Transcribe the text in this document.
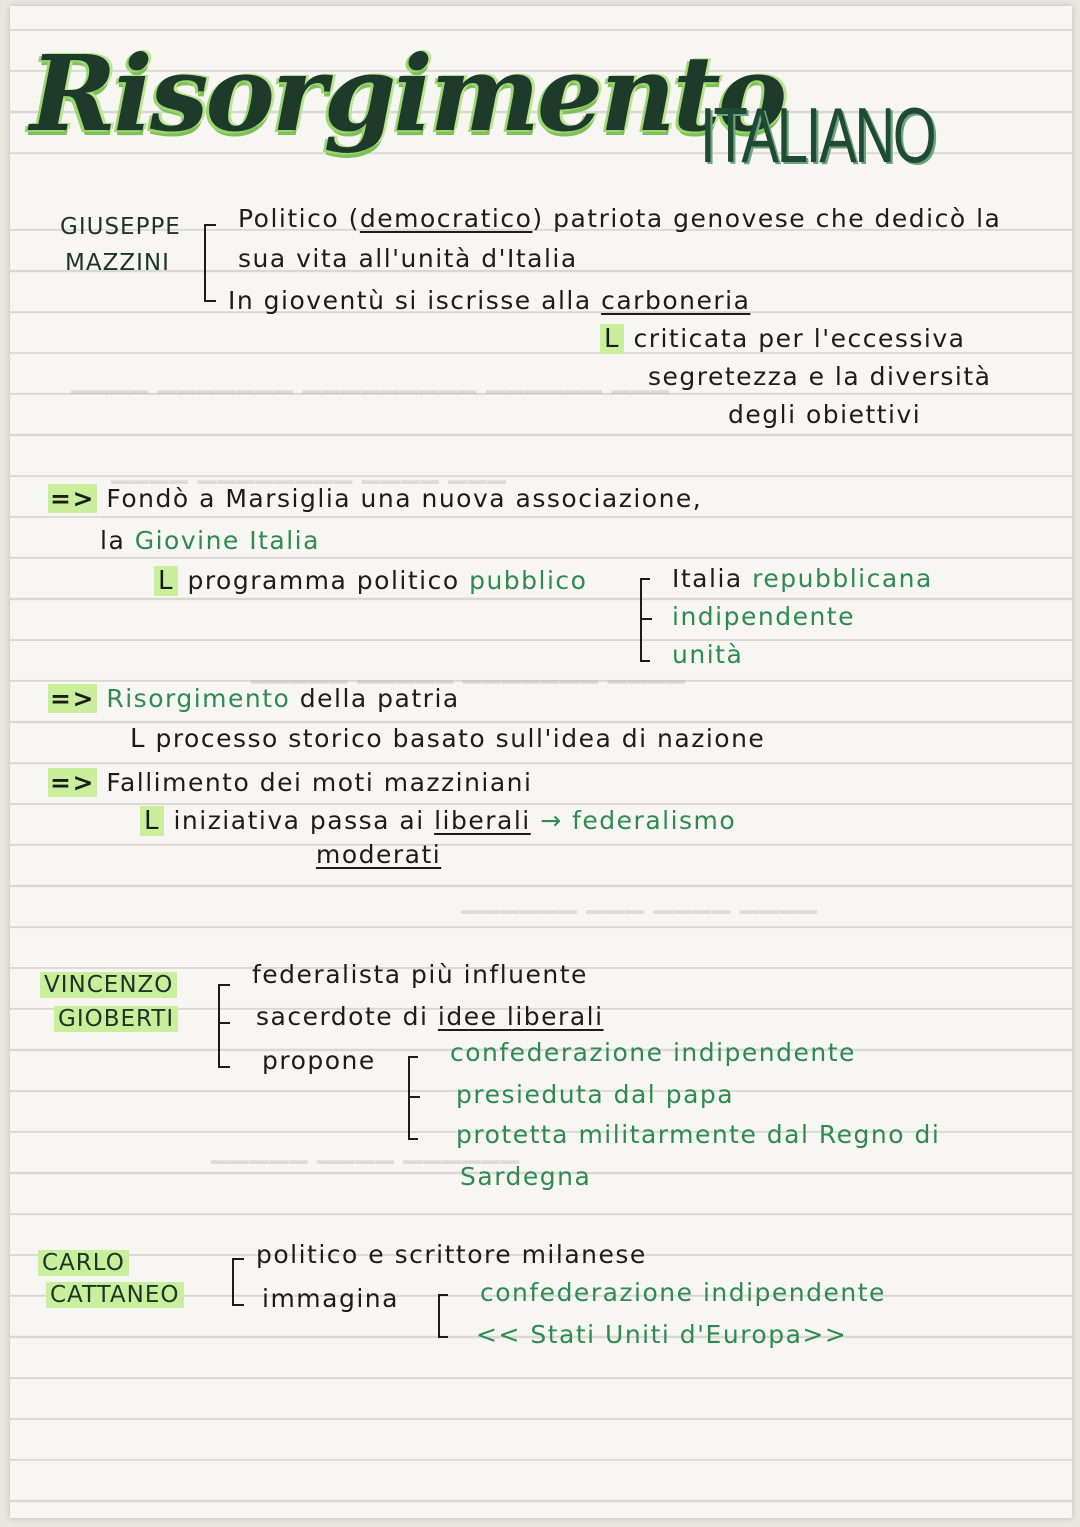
▁▁▁ ▁▁▁▁▁▁ ▁▁▁▁▁▁▁▁▁ ▁▁▁▁▁▁▁ ▁▁▁▁
▁▁▁ ▁▁▁▁ ▁▁▁▁▁▁▁▁ ▁▁▁▁
▁▁▁▁ ▁▁▁▁▁▁▁ ▁▁▁▁▁ ▁▁▁▁▁
▁▁▁▁ ▁▁▁▁ ▁▁▁ ▁▁▁▁▁▁
▁▁▁▁▁▁ ▁▁▁▁ ▁▁▁▁▁
Risorgimento
ITALIANO
GIUSEPPE
MAZZINI
Politico (democratico) patriota genovese che dedicò la
sua vita all'unità d'Italia
In gioventù si iscrisse alla carboneria
L criticata per l'eccessiva
segretezza e la diversità
degli obiettivi
=> Fondò a Marsiglia una nuova associazione,
la Giovine Italia
L programma politico pubblico	Italia repubblicana
indipendente
unità
=> Risorgimento della patria
L processo storico basato sull'idea di nazione
=> Fallimento dei moti mazziniani
L iniziativa passa ai liberali → federalismo
moderati
VINCENZO
GIOBERTI
federalista più influente
sacerdote di idee liberali
propone	confederazione indipendente
presieduta dal papa
protetta militarmente dal Regno di
Sardegna
CARLO
CATTANEO
politico e scrittore milanese
immagina	confederazione indipendente
<< Stati Uniti d'Europa>>
